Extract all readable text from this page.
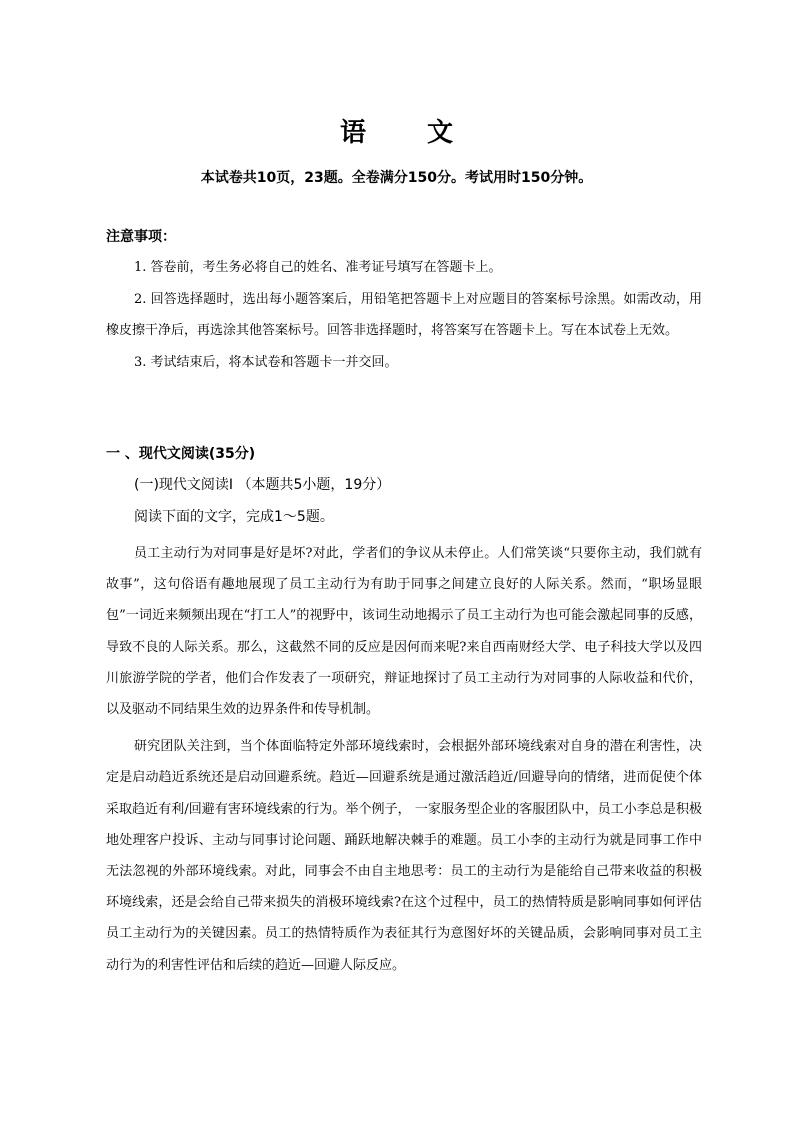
语 文

本试卷共10页，23题。全卷满分150分。考试用时150分钟。

注意事项：

1. 答卷前，考生务必将自己的姓名、准考证号填写在答题卡上。
2. 回答选择题时，选出每小题答案后，用铅笔把答题卡上对应题目的答案标号涂黑。如需改动，用橡皮擦干净后，再选涂其他答案标号。回答非选择题时，将答案写在答题卡上。写在本试卷上无效。
3. 考试结束后，将本试卷和答题卡一并交回。

一 、现代文阅读(35分)

(一)现代文阅读I （本题共5小题，19分）

阅读下面的文字，完成1～5题。

员工主动行为对同事是好是坏?对此，学者们的争议从未停止。人们常笑谈“只要你主动，我们就有故事”，这句俗语有趣地展现了员工主动行为有助于同事之间建立良好的人际关系。然而，“职场显眼包”一词近来频频出现在“打工人”的视野中，该词生动地揭示了员工主动行为也可能会激起同事的反感，导致不良的人际关系。那么，这截然不同的反应是因何而来呢?来自西南财经大学、电子科技大学以及四川旅游学院的学者，他们合作发表了一项研究，辩证地探讨了员工主动行为对同事的人际收益和代价，以及驱动不同结果生效的边界条件和传导机制。

研究团队关注到，当个体面临特定外部环境线索时，会根据外部环境线索对自身的潜在利害性，决定是启动趋近系统还是启动回避系统。趋近—回避系统是通过激活趋近/回避导向的情绪，进而促使个体采取趋近有利/回避有害环境线索的行为。举个例子， 一家服务型企业的客服团队中，员工小李总是积极地处理客户投诉、主动与同事讨论问题、踊跃地解决棘手的难题。员工小李的主动行为就是同事工作中无法忽视的外部环境线索。对此，同事会不由自主地思考：员工的主动行为是能给自己带来收益的积极环境线索，还是会给自己带来损失的消极环境线索?在这个过程中，员工的热情特质是影响同事如何评估员工主动行为的关键因素。员工的热情特质作为表征其行为意图好坏的关键品质，会影响同事对员工主动行为的利害性评估和后续的趋近—回避人际反应。
